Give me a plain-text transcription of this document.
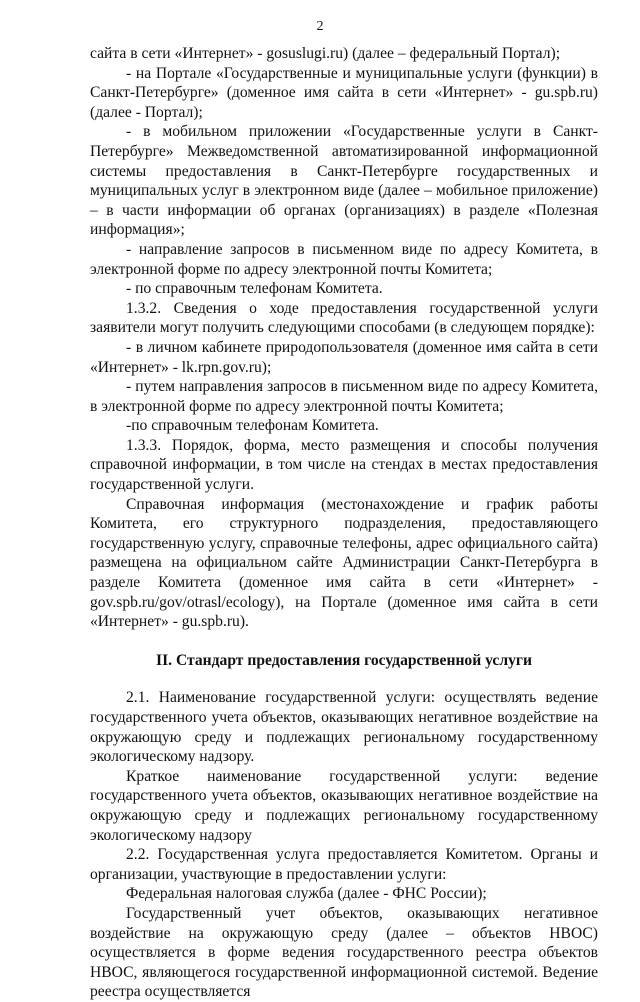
2

сайта в сети «Интернет» - gosuslugi.ru) (далее – федеральный Портал);

- на Портале «Государственные и муниципальные услуги (функции) в Санкт-Петербурге» (доменное имя сайта в сети «Интернет» - gu.spb.ru) (далее - Портал);

- в мобильном приложении «Государственные услуги в Санкт-Петербурге» Межведомственной автоматизированной информационной системы предоставления в Санкт-Петербурге государственных и муниципальных услуг в электронном виде (далее – мобильное приложение) – в части информации об органах (организациях) в разделе «Полезная информация»;

- направление запросов в письменном виде по адресу Комитета, в электронной форме по адресу электронной почты Комитета;

- по справочным телефонам Комитета.

1.3.2. Сведения о ходе предоставления государственной услуги заявители могут получить следующими способами (в следующем порядке):

- в личном кабинете природопользователя (доменное имя сайта в сети «Интернет» - lk.rpn.gov.ru);

- путем направления запросов в письменном виде по адресу Комитета, в электронной форме по адресу электронной почты Комитета;

-по справочным телефонам Комитета.

1.3.3. Порядок, форма, место размещения и способы получения справочной информации, в том числе на стендах в местах предоставления государственной услуги.

Справочная информация (местонахождение и график работы Комитета, его структурного подразделения, предоставляющего государственную услугу, справочные телефоны, адрес официального сайта) размещена на официальном сайте Администрации Санкт-Петербурга в разделе Комитета (доменное имя сайта в сети «Интернет» - gov.spb.ru/gov/otrasl/ecology), на Портале (доменное имя сайта в сети «Интернет» - gu.spb.ru).

II. Стандарт предоставления государственной услуги

2.1. Наименование государственной услуги: осуществлять ведение государственного учета объектов, оказывающих негативное воздействие на окружающую среду и подлежащих региональному государственному экологическому надзору.

Краткое наименование государственной услуги: ведение государственного учета объектов, оказывающих негативное воздействие на окружающую среду и подлежащих региональному государственному экологическому надзору

2.2. Государственная услуга предоставляется Комитетом. Органы и организации, участвующие в предоставлении услуги:

Федеральная налоговая служба (далее - ФНС России);

Государственный учет объектов, оказывающих негативное воздействие на окружающую среду (далее – объектов НВОС) осуществляется в форме ведения государственного реестра объектов НВОС, являющегося государственной информационной системой. Ведение реестра осуществляется
